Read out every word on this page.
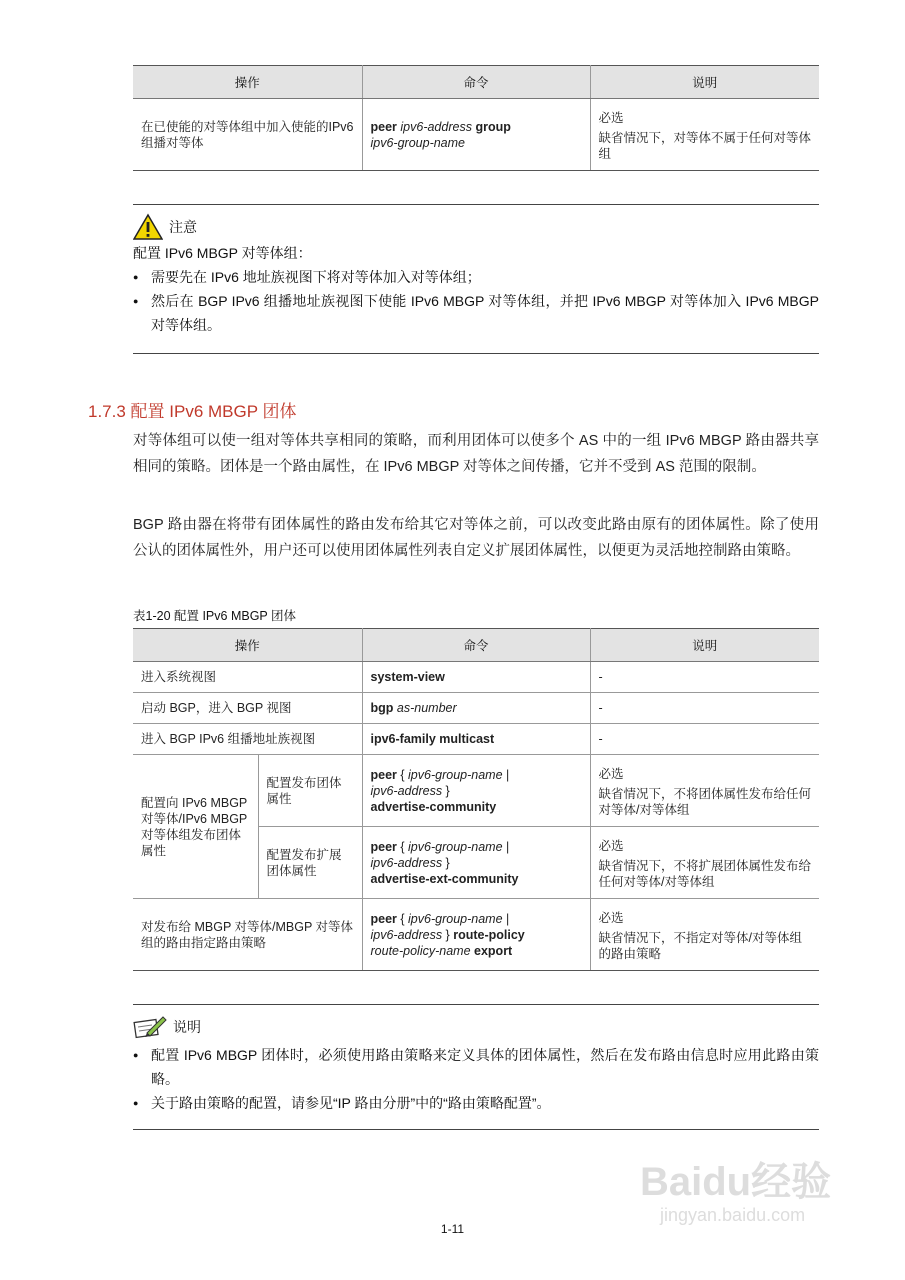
操作	命令	说明
在已使能的对等体组中加入使能的IPv6组播对等体	peer ipv6-address group
ipv6-group-name	必选
缺省情况下，对等体不属于任何对等体组
注意

配置 IPv6 MBGP 对等体组：

● 需要先在 IPv6 地址族视图下将对等体加入对等体组；
● 然后在 BGP IPv6 组播地址族视图下使能 IPv6 MBGP 对等体组，并把 IPv6 MBGP 对等体加入 IPv6 MBGP 对等体组。
1.7.3 配置 IPv6 MBGP 团体

对等体组可以使一组对等体共享相同的策略，而利用团体可以使多个 AS 中的一组 IPv6 MBGP 路由器共享相同的策略。团体是一个路由属性，在 IPv6 MBGP 对等体之间传播，它并不受到 AS 范围的限制。

BGP 路由器在将带有团体属性的路由发布给其它对等体之前，可以改变此路由原有的团体属性。除了使用公认的团体属性外，用户还可以使用团体属性列表自定义扩展团体属性，以便更为灵活地控制路由策略。

表1-20 配置 IPv6 MBGP 团体
操作		命令	说明
进入系统视图		system-view	-
启动 BGP，进入 BGP 视图		bgp as-number	-
进入 BGP IPv6 组播地址族视图		ipv6-family multicast	-
配置向 IPv6 MBGP 对等体/IPv6 MBGP 对等体组发布团体属性	配置发布团体属性	peer { ipv6-group-name |
ipv6-address }
advertise-community	必选
缺省情况下，不将团体属性发布给任何对等体/对等体组
	配置发布扩展团体属性	peer { ipv6-group-name |
ipv6-address }
advertise-ext-community	必选
缺省情况下，不将扩展团体属性发布给任何对等体/对等体组
对发布给 MBGP 对等体/MBGP 对等体组的路由指定路由策略		peer { ipv6-group-name |
ipv6-address } route-policy
route-policy-name export	必选
缺省情况下，不指定对等体/对等体组的路由策略
说明
● 配置 IPv6 MBGP 团体时，必须使用路由策略来定义具体的团体属性，然后在发布路由信息时应用此路由策略。
● 关于路由策略的配置，请参见“IP 路由分册”中的“路由策略配置”。
Baidu经验
jingyan.baidu.com
1-11
